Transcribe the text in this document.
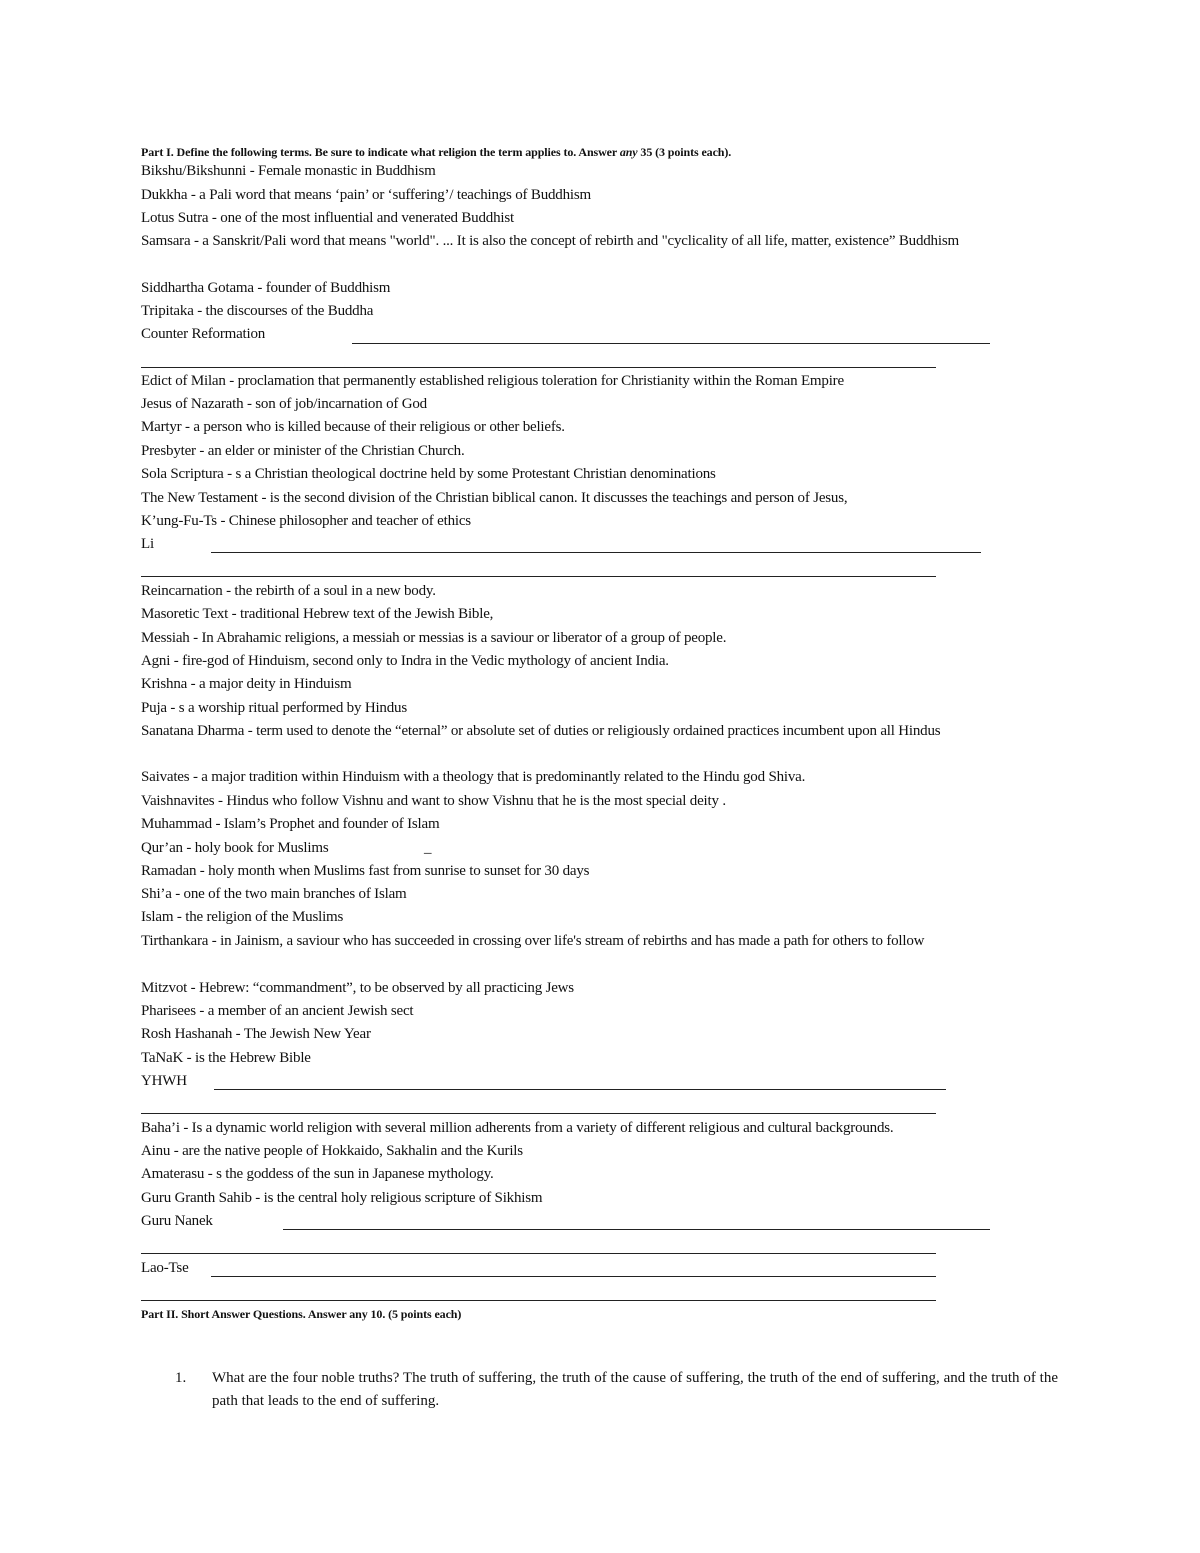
Part I. Define the following terms. Be sure to indicate what religion the term applies to. Answer any 35 (3 points each).
Bikshu/Bikshunni - Female monastic in Buddhism
Dukkha - a Pali word that means ‘pain’ or ‘suffering’/ teachings of Buddhism
Lotus Sutra - one of the most influential and venerated Buddhist
Samsara - a Sanskrit/Pali word that means "world". ... It is also the concept of rebirth and "cyclicality of all life, matter, existence” Buddhism
Siddhartha Gotama - founder of Buddhism
Tripitaka - the discourses of the Buddha
Counter Reformation
Edict of Milan - proclamation that permanently established religious toleration for Christianity within the Roman Empire
Jesus of Nazarath - son of job/incarnation of God
Martyr - a person who is killed because of their religious or other beliefs.
Presbyter - an elder or minister of the Christian Church.
Sola Scriptura - s a Christian theological doctrine held by some Protestant Christian denominations
The New Testament - is the second division of the Christian biblical canon. It discusses the teachings and person of Jesus,
K’ung-Fu-Ts - Chinese philosopher and teacher of ethics
Li
Reincarnation - the rebirth of a soul in a new body.
Masoretic Text - traditional Hebrew text of the Jewish Bible,
Messiah - In Abrahamic religions, a messiah or messias is a saviour or liberator of a group of people.
Agni - fire-god of Hinduism, second only to Indra in the Vedic mythology of ancient India.
Krishna - a major deity in Hinduism
Puja - s a worship ritual performed by Hindus
Sanatana Dharma - term used to denote the “eternal” or absolute set of duties or religiously ordained practices incumbent upon all Hindus
Saivates - a major tradition within Hinduism with a theology that is predominantly related to the Hindu god Shiva.
Vaishnavites - Hindus who follow Vishnu and want to show Vishnu that he is the most special deity .
Muhammad - Islam’s Prophet and founder of Islam
Qur’an - holy book for Muslims	_
Ramadan - holy month when Muslims fast from sunrise to sunset for 30 days
Shi’a - one of the two main branches of Islam
Islam - the religion of the Muslims
Tirthankara - in Jainism, a saviour who has succeeded in crossing over life's stream of rebirths and has made a path for others to follow
Mitzvot - Hebrew: “commandment”, to be observed by all practicing Jews
Pharisees - a member of an ancient Jewish sect
Rosh Hashanah - The Jewish New Year
TaNaK - is the Hebrew Bible
YHWH
Baha’i - Is a dynamic world religion with several million adherents from a variety of different religious and cultural backgrounds.
Ainu - are the native people of Hokkaido, Sakhalin and the Kurils
Amaterasu - s the goddess of the sun in Japanese mythology.
Guru Granth Sahib - is the central holy religious scripture of Sikhism
Guru Nanek
Lao-Tse
Part II. Short Answer Questions. Answer any 10. (5 points each)
1. What are the four noble truths? The truth of suffering, the truth of the cause of suffering, the truth of the end of suffering, and the truth of the path that leads to the end of suffering.
